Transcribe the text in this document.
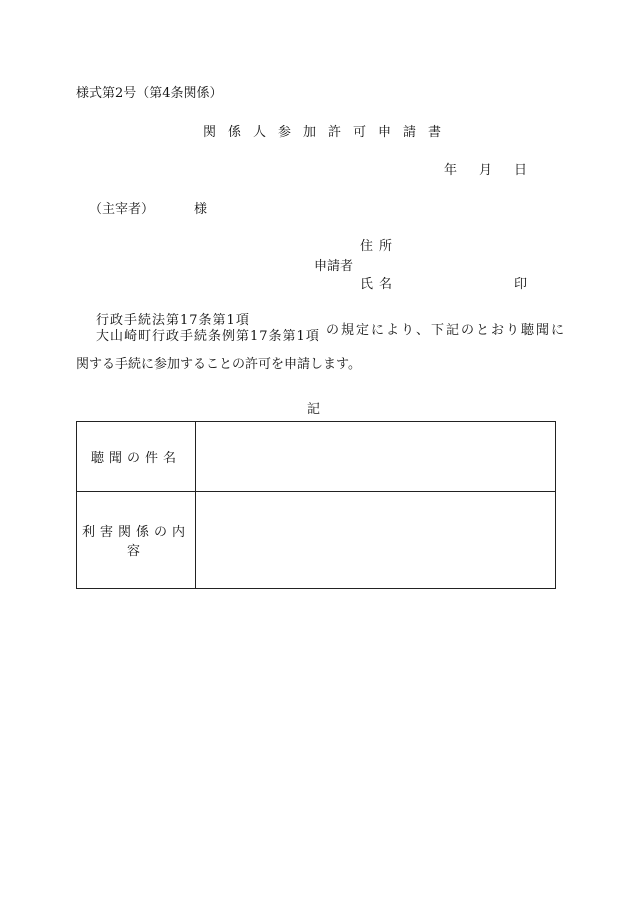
様式第2号（第4条関係）
関係人参加許可申請書
年 月 日
（主宰者）	様
住所
申請者
氏名	印
行政手続法第17条第1項
大山崎町行政手続条例第17条第1項 の規定により、下記のとおり聴聞に
関する手続に参加することの許可を申請します。
記
聴聞の件名	
利害関係の内容	
